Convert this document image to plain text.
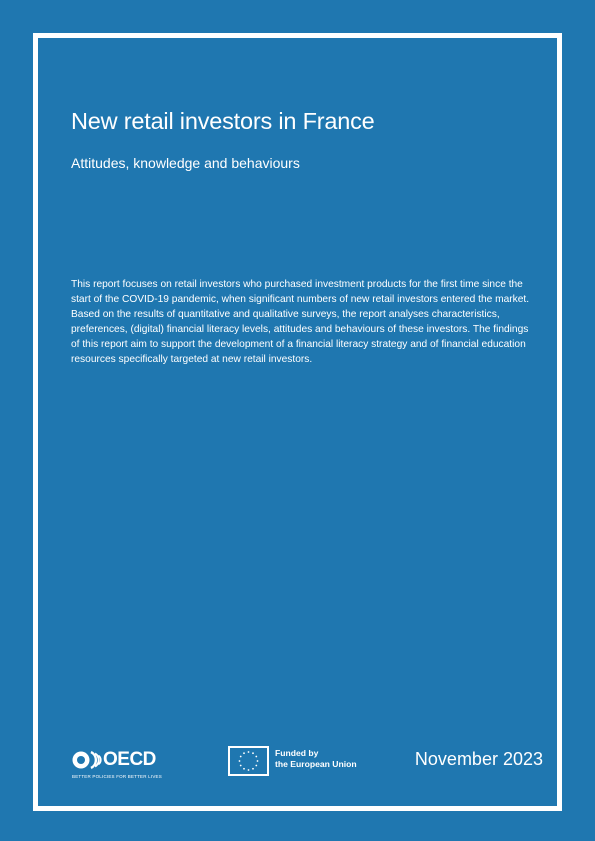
New retail investors in France

Attitudes, knowledge and behaviours

This report focuses on retail investors who purchased investment products for the first time since the start of the COVID-19 pandemic, when significant numbers of new retail investors entered the market. Based on the results of quantitative and qualitative surveys, the report analyses characteristics, preferences, (digital) financial literacy levels, attitudes and behaviours of these investors. The findings of this report aim to support the development of a financial literacy strategy and of financial education resources specifically targeted at new retail investors.

OECD
BETTER POLICIES FOR BETTER LIVES
Funded by
the European Union	November 2023
